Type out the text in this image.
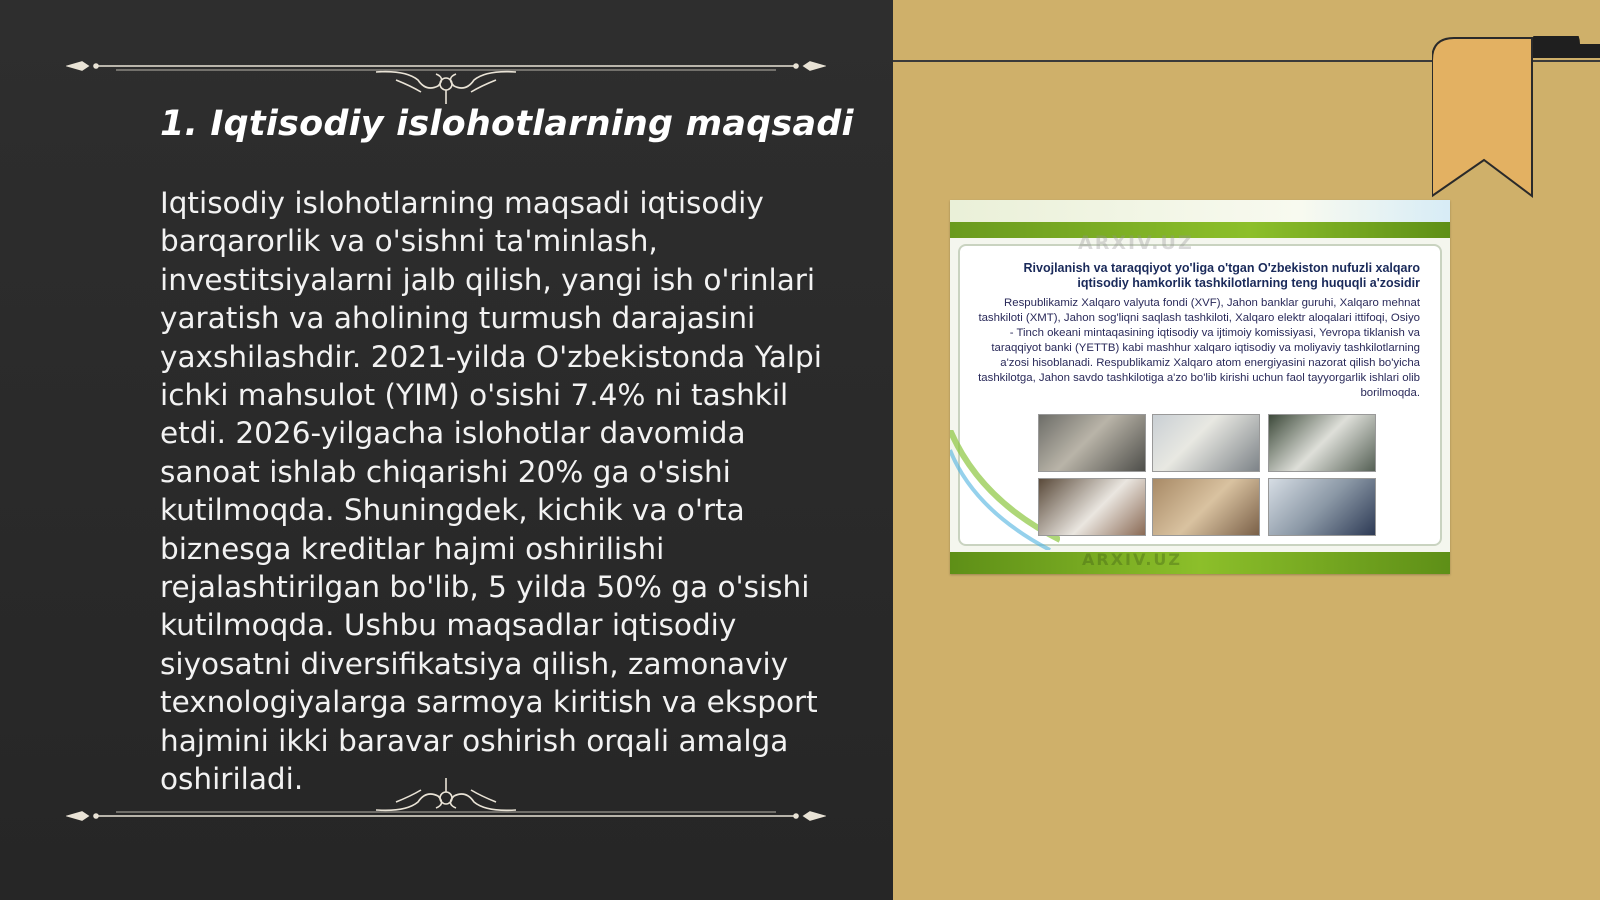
1. Iqtisodiy islohotlarning maqsadi

Iqtisodiy islohotlarning maqsadi iqtisodiy barqarorlik va o'sishni ta'minlash, investitsiyalarni jalb qilish, yangi ish o'rinlari yaratish va aholining turmush darajasini yaxshilashdir. 2021-yilda O'zbekistonda Yalpi ichki mahsulot (YIM) o'sishi 7.4% ni tashkil etdi. 2026-yilgacha islohotlar davomida sanoat ishlab chiqarishi 20% ga o'sishi kutilmoqda. Shuningdek, kichik va o'rta biznesga kreditlar hajmi oshirilishi rejalashtirilgan bo'lib, 5 yilda 50% ga o'sishi kutilmoqda. Ushbu maqsadlar iqtisodiy siyosatni diversifikatsiya qilish, zamonaviy texnologiyalarga sarmoya kiritish va eksport hajmini ikki baravar oshirish orqali amalga oshiriladi.

ARXIV.UZ
Rivojlanish va taraqqiyot yo'liga o'tgan O'zbekiston nufuzli xalqaro
iqtisodiy hamkorlik tashkilotlarning teng huquqli a'zosidir
Respublikamiz Xalqaro valyuta fondi (XVF), Jahon banklar guruhi, Xalqaro mehnat tashkiloti (XMT), Jahon sog'liqni saqlash tashkiloti, Xalqaro elektr aloqalari ittifoqi, Osiyo - Tinch okeani mintaqasining iqtisodiy va ijtimoiy komissiyasi, Yevropa tiklanish va taraqqiyot banki (YETTB) kabi mashhur xalqaro iqtisodiy va moliyaviy tashkilotlarning a'zosi hisoblanadi. Respublikamiz Xalqaro atom energiyasini nazorat qilish bo'yicha tashkilotga, Jahon savdo tashkilotiga a'zo bo'lib kirishi uchun faol tayyorgarlik ishlari olib borilmoqda.
ARXIV.UZ
